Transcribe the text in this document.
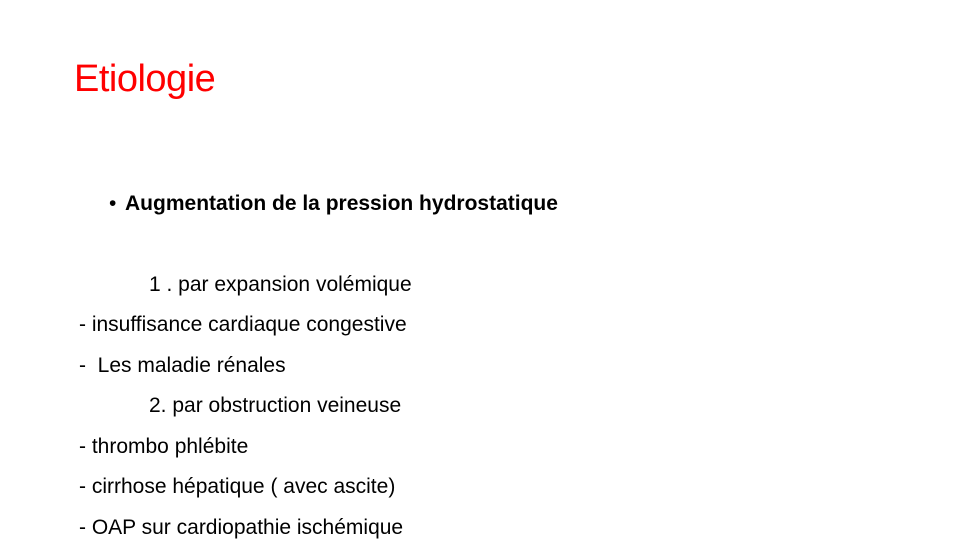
Etiologie

• Augmentation de la pression hydrostatique

1 . par expansion volémique
- insuffisance cardiaque congestive
-  Les maladie rénales
2. par obstruction veineuse
- thrombo phlébite
- cirrhose hépatique ( avec ascite)
- OAP sur cardiopathie ischémique
